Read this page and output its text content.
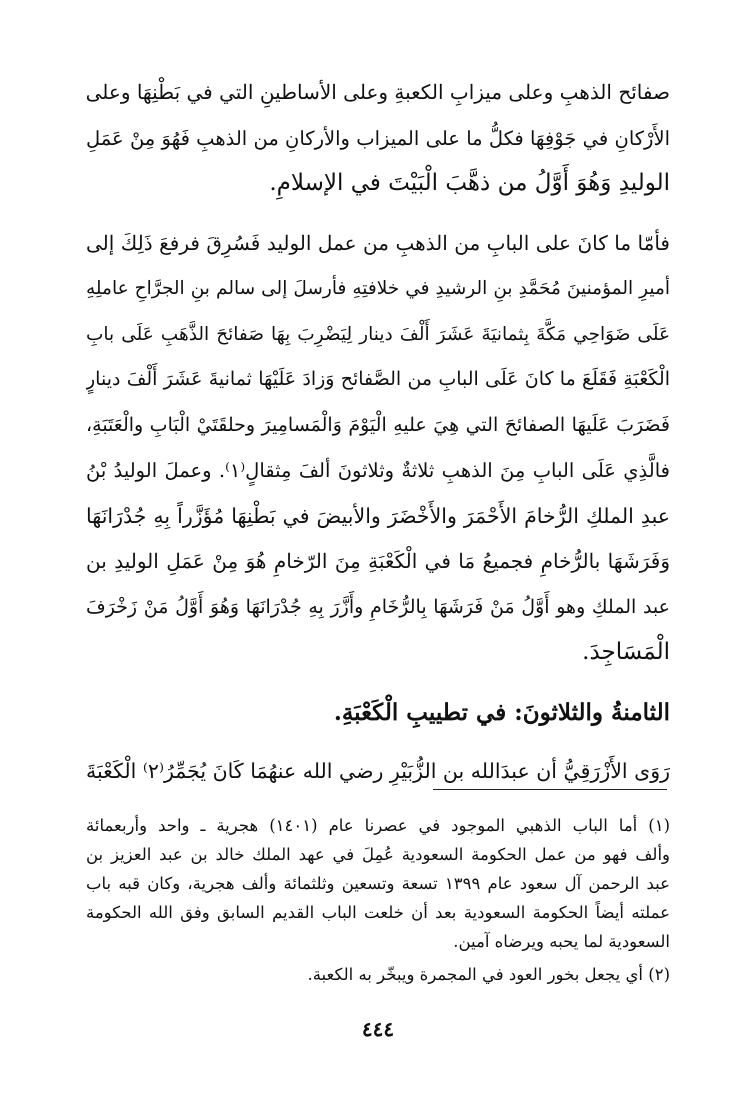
صفائح الذهبِ وعلى ميزابِ الكعبةِ وعلى الأساطينِ التي في بَطْنِهَا وعلى
الأَرْكانِ في جَوْفِهَا فكلُّ ما على الميزاب والأركانِ من الذهبِ فَهُوَ مِنْ عَمَلِ
الوليدِ وَهُوَ أَوَّلُ من ذهَّبَ الْبَيْتَ في الإسلامِ.
فأمّا ما كانَ على البابِ من الذهبِ من عمل الوليد فَسُرِقَ فرفعَ ذَلِكَ إلى
أميرِ المؤمنينَ مُحَمَّدِ بنِ الرشيدِ في خلافتِهِ فأرسلَ إلى سالم بنِ الجرَّاحِ عاملِهِ
عَلَى ضَوَاحِي مَكَّةَ بِثمانيَةَ عَشَرَ أَلْفَ دينار لِيَضْرِبَ بِهَا صَفائحَ الذَّهَبِ عَلَى بابِ
الْكَعْبَةِ فَقَلَعَ ما كانَ عَلَى البابِ من الصَّفائح وَزادَ عَلَيْهَا ثمانيةَ عَشَرَ أَلْفَ دينارٍ
فَضَرَبَ عَلَيهَا الصفائحَ التي هِيَ عليهِ الْيَوْمَ وَالْمَسامِيرَ وحلقَتَيْ الْبَابِ والْعَتَبَةِ،
فالَّذِي عَلَى البابِ مِنَ الذهبِ ثلاثةٌ وثلاثونَ ألفَ مِثقالٍ⁽١⁾. وعملَ الوليدُ بْنُ
عبدِ الملكِ الرُّخامَ الأَحْمَرَ والأَخْضَرَ والأبيضَ في بَطْنِهَا مُؤَزَّراً بِهِ جُدْرَانَهَا
وَفَرَشَهَا بالرُّخامِ فجميعُ مَا في الْكَعْبَةِ مِنَ الرّخامِ هُوَ مِنْ عَمَلِ الوليدِ بن
عبد الملكِ وهو أَوَّلُ مَنْ فَرَشَهَا بِالرُّخَامِ وأَزَّرَ بِهِ جُدْرَانَهَا وَهُوَ أَوَّلُ مَنْ زَخْرَفَ
الْمَسَاجِدَ.
الثامنةُ والثلاثونَ: في تطييبِ الْكَعْبَةِ.
رَوَى الأَزْرَقِيُّ أن عبدَالله بن الزُّبَيْرِ رضي الله عنهُمَا كَانَ يُجَمِّرُ⁽٢⁾ الْكَعْبَةَ
(١) أما الباب الذهبي الموجود في عصرنا عام (١٤٠١) هجرية ـ واحد وأربعمائة
وألف فهو من عمل الحكومة السعودية عُمِلَ في عهد الملك خالد بن عبد العزيز بن
عبد الرحمن آل سعود عام ١٣٩٩ تسعة وتسعين وثلثمائة وألف هجرية، وكان قبه باب
عملته أيضاً الحكومة السعودية بعد أن خلعت الباب القديم السابق وفق الله الحكومة
السعودية لما يحبه ويرضاه آمين.
(٢) أي يجعل بخور العود في المجمرة ويبخّر به الكعبة.
٤٤٤
